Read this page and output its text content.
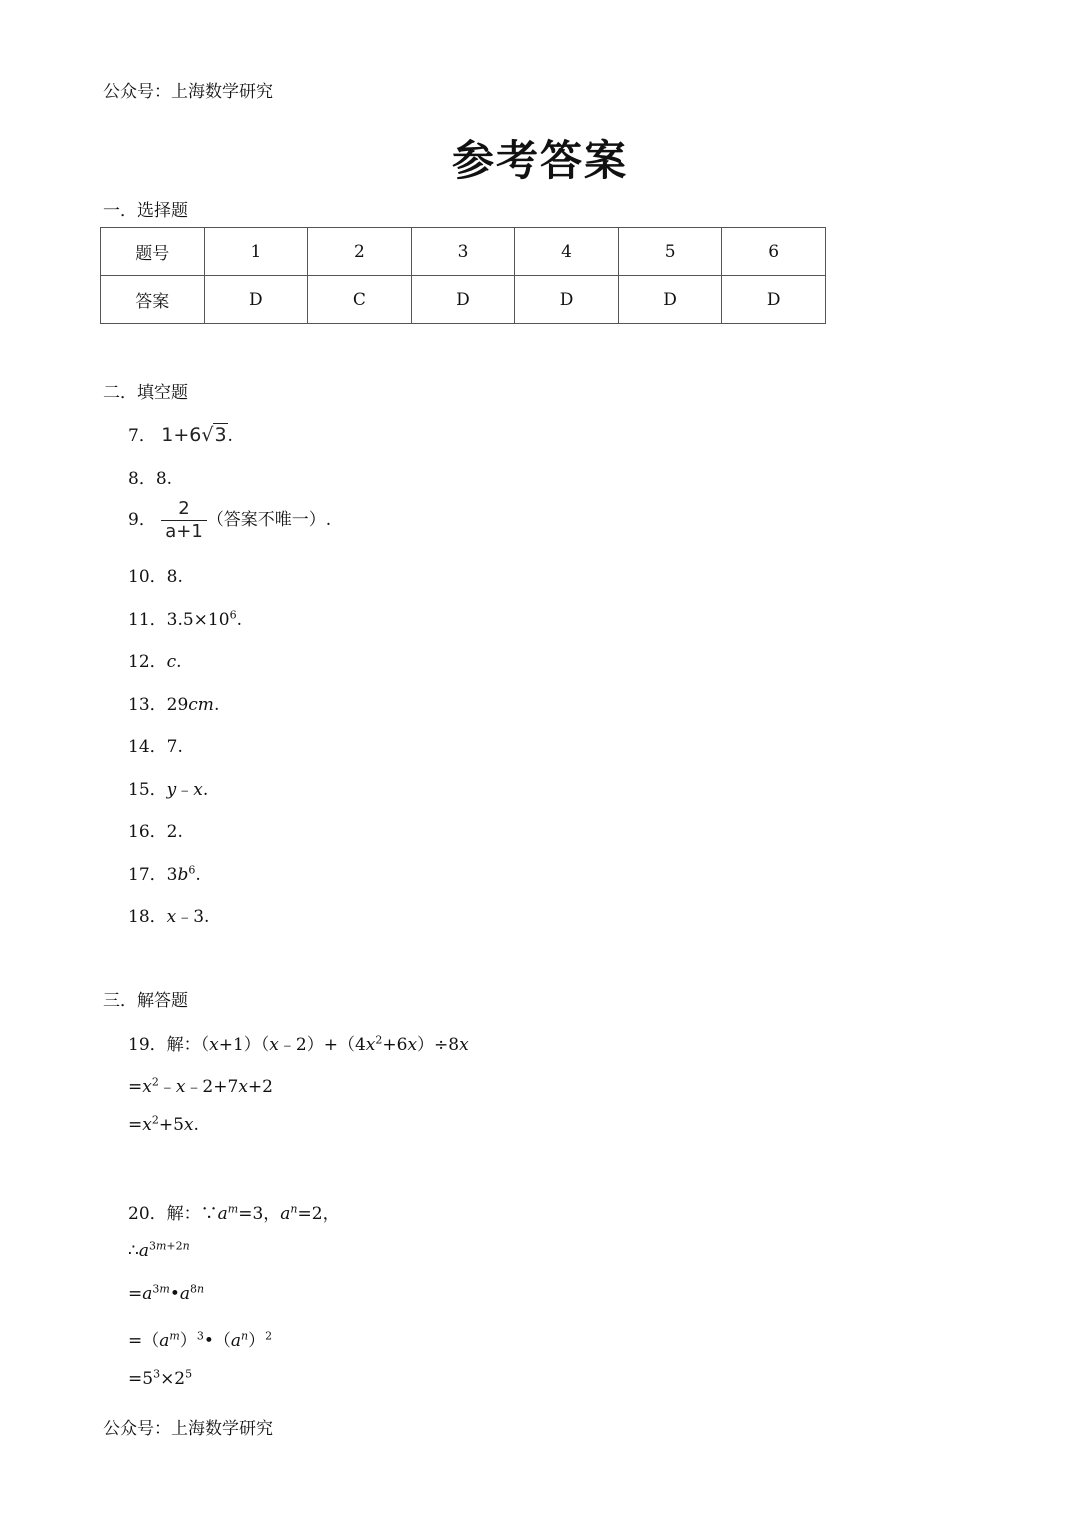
公众号：上海数学研究
参考答案
一．选择题
题号	1	2	3	4	5	6
答案	D	C	D	D	D	D
二．填空题
7． 1+6√3.
8．8.
9． $\frac{2}{a+1}$ （答案不唯一）.
10．8.
11．$3.5\times 10^6$.
12．c.
13．29cm.
14．7.
15．y﹣x.
16．2.
17．$3b^6$.
18．x﹣3.
三．解答题
19．解：$(x+1)(x﹣2)+(4x^2+6x)\div 8x$
$=x^2﹣x﹣2+7x+2$
$=x^2+5x$.
20．解：$\because a^m=3$，$a^n=2$，
$\therefore a^{3m+2n}$
$=a^{3m}•a^{8n}$
$=(a^m)^3•(a^n)^2$
$=5^3\times 2^5$
公众号：上海数学研究
